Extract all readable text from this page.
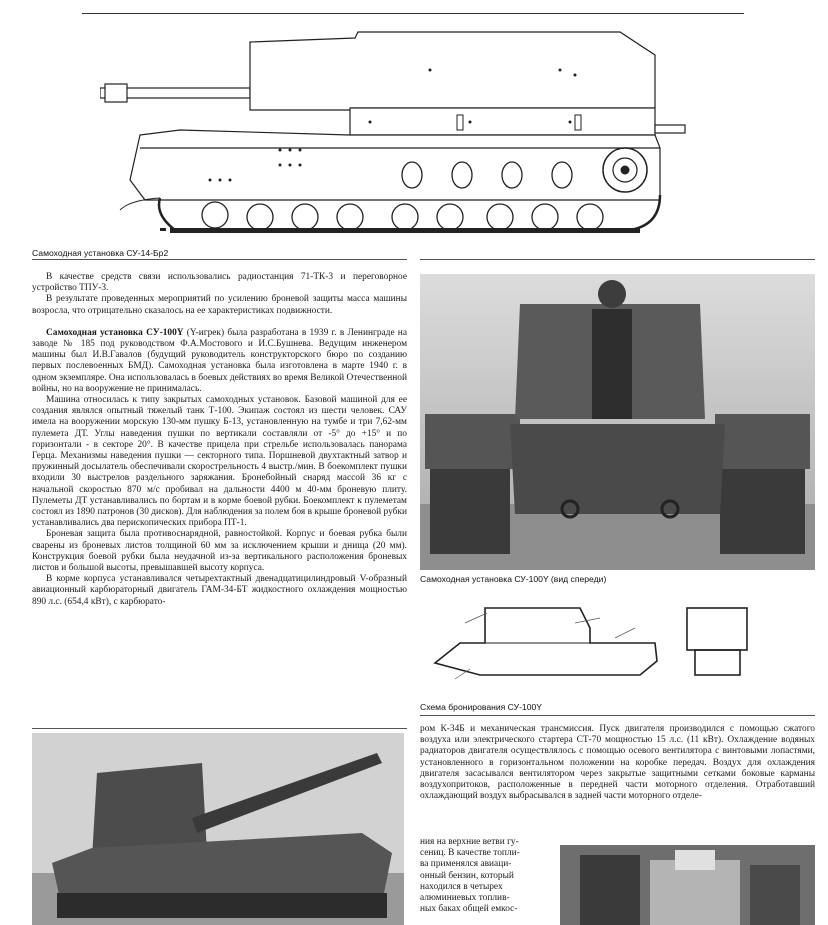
Самоходная установка СУ-14-Бр2

В качестве средств связи использовались радиостанция 71-ТК-3 и переговорное устройство ТПУ-3.

В результате проведенных мероприятий по усилению броневой защиты масса машины возросла, что отрицательно сказалось на ее характеристиках подвижности.

Самоходная установка СУ-100Y (Y-игрек) была разработана в 1939 г. в Ленинграде на заводе № 185 под руководством Ф.А.Мостового и И.С.Бушнева. Ведущим инженером машины был И.В.Гавалов (будущий руководитель конструкторского бюро по созданию первых послевоенных БМД). Самоходная установка была изготовлена в марте 1940 г. в одном экземпляре. Она использовалась в боевых действиях во время Великой Отечественной войны, но на вооружение не принималась.

Машина относилась к типу закрытых самоходных установок. Базовой машиной для ее создания являлся опытный тяжелый танк Т-100. Экипаж состоял из шести человек. САУ имела на вооружении морскую 130-мм пушку Б-13, установленную на тумбе и три 7,62-мм пулемета ДТ. Углы наведения пушки по вертикали составляли от -5° до +15° и по горизонтали - в секторе 20°. В качестве прицела при стрельбе использовалась панорама Герца. Механизмы наведения пушки — секторного типа. Поршневой двухтактный затвор и пружинный досылатель обеспечивали скорострельность 4 выстр./мин. В боекомплект пушки входили 30 выстрелов раздельного заряжания. Бронебойный снаряд массой 36 кг с начальной скоростью 870 м/с пробивал на дальности 4400 м 40-мм броневую плиту. Пулеметы ДТ устанавливались по бортам и в корме боевой рубки. Боекомплект к пулеметам состоял из 1890 патронов (30 дисков). Для наблюдения за полем боя в крыше броневой рубки устанавливались два перископических прибора ПТ-1.

Броневая защита была противоснарядной, равностойкой. Корпус и боевая рубка были сварены из броневых листов толщиной 60 мм за исключением крыши и днища (20 мм). Конструкция боевой рубки была неудачной из-за вертикального расположения броневых листов и большой высоты, превышавшей высоту корпуса.

В корме корпуса устанавливался четырехтактный двенадцатицилиндровый V-образный авиационный карбюраторный двигатель ГАМ-34-БТ жидкостного охлаждения мощностью 890 л.с. (654,4 кВт), с карбюрато-

Самоходная установка СУ-100Y (вид спереди)
Схема бронирования СУ-100Y

ром К-34Б и механическая трансмиссия. Пуск двигателя производился с помощью сжатого воздуха или электрического стартера СТ-70 мощностью 15 л.с. (11 кВт). Охлаждение водяных радиаторов двигателя осуществлялось с помощью осевого вентилятора с винтовыми лопастями, установленного в горизонтальном положении на коробке передач. Воздух для охлаждения двигателя засасывался вентилятором через закрытые защитными сетками боковые карманы воздухопритоков, расположенные в передней части моторного отделения. Отработавший охлаждающий воздух выбрасывался в задней части моторного отделе-

ния на верхние ветви гу-

сениц. В качестве топли-

ва применялся авиаци-

онный бензин, который

находился в четырех

алюминиевых топлив-

ных баках общей емкос-
